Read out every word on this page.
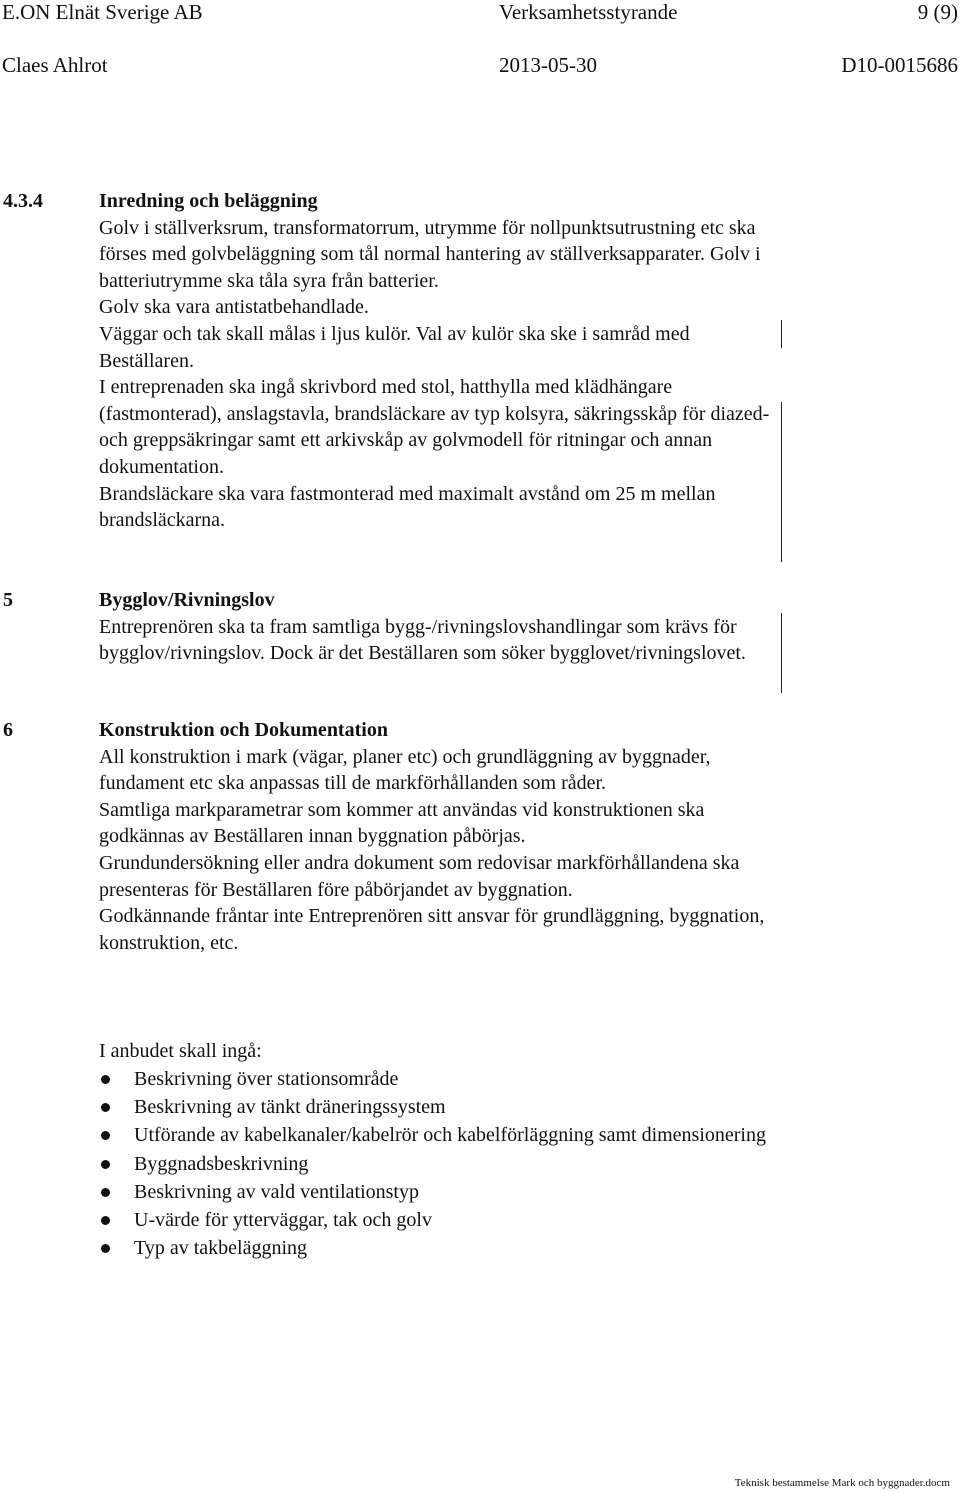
E.ON Elnät Sverige AB	Verksamhetsstyrande	9 (9)
Claes Ahlrot	2013-05-30	D10-0015686
4.3.4	Inredning och beläggning

Golv i ställverksrum, transformatorrum, utrymme för nollpunktsutrustning etc ska förses med golvbeläggning som tål normal hantering av ställverksapparater. Golv i batteriutrymme ska tåla syra från batterier.

Golv ska vara antistatbehandlade.

Väggar och tak skall målas i ljus kulör. Val av kulör ska ske i samråd med Beställaren.

I entreprenaden ska ingå skrivbord med stol, hatthylla med klädhängare (fastmonterad), anslagstavla, brandsläckare av typ kolsyra, säkringsskåp för diazed- och greppsäkringar samt ett arkivskåp av golvmodell för ritningar och annan dokumentation.

Brandsläckare ska vara fastmonterad med maximalt avstånd om 25 m mellan brandsläckarna.

5	Bygglov/Rivningslov

Entreprenören ska ta fram samtliga bygg-/rivningslovshandlingar som krävs för bygglov/rivningslov. Dock är det Beställaren som söker bygglovet/rivningslovet.

6	Konstruktion och Dokumentation

All konstruktion i mark (vägar, planer etc) och grundläggning av byggnader, fundament etc ska anpassas till de markförhållanden som råder.

Samtliga markparametrar som kommer att användas vid konstruktionen ska godkännas av Beställaren innan byggnation påbörjas.

Grundundersökning eller andra dokument som redovisar markförhållandena ska presenteras för Beställaren före påbörjandet av byggnation.

Godkännande fråntar inte Entreprenören sitt ansvar för grundläggning, byggnation, konstruktion, etc.

I anbudet skall ingå:
Beskrivning över stationsområde
Beskrivning av tänkt dräneringssystem
Utförande av kabelkanaler/kabelrör och kabelförläggning samt dimensionering
Byggnadsbeskrivning
Beskrivning av vald ventilationstyp
U-värde för ytterväggar, tak och golv
Typ av takbeläggning
Teknisk bestammelse Mark och byggnader.docm
